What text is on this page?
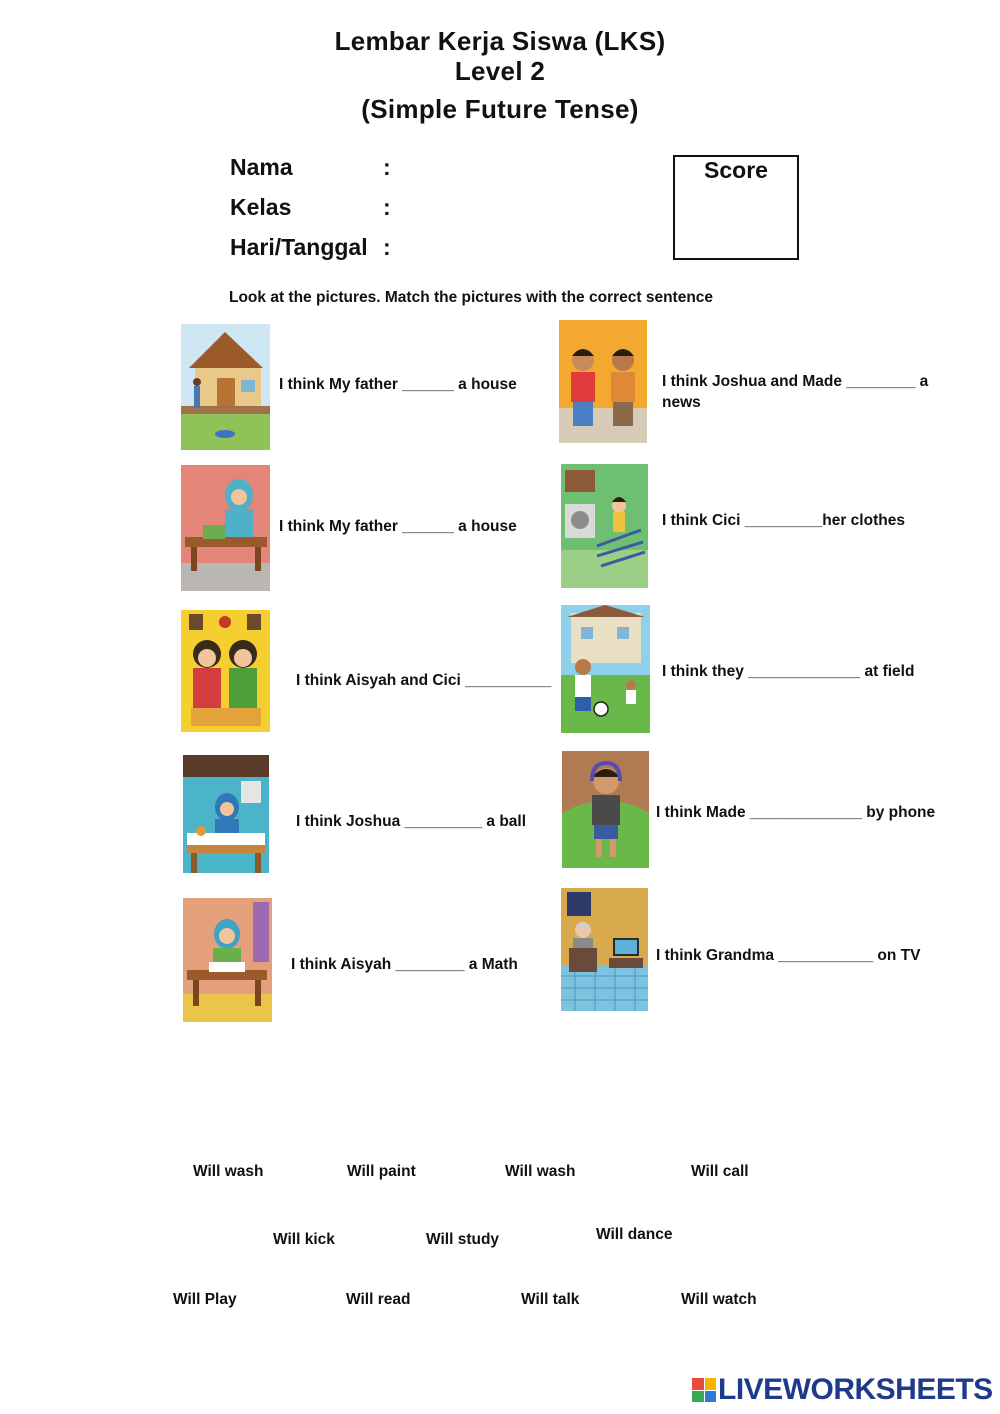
Lembar Kerja Siswa (LKS)
Level 2
(Simple Future Tense)
Nama	:
Kelas	:
Hari/Tanggal :
Score
Look at the pictures. Match the pictures with the correct sentence
I think My father ______ a house
I think My father ______ a house
I think Aisyah and Cici __________
I think Joshua _________ a ball
I think Aisyah ________ a Math
I think Joshua and Made ________ a news
I think Cici _________her clothes
I think they _____________ at field
I think Made _____________ by phone
I think Grandma ___________ on TV
Will wash	Will paint	Will wash	Will call
Will kick	Will study	Will dance
Will Play	Will read	Will talk	Will watch
LIVEWORKSHEETS
